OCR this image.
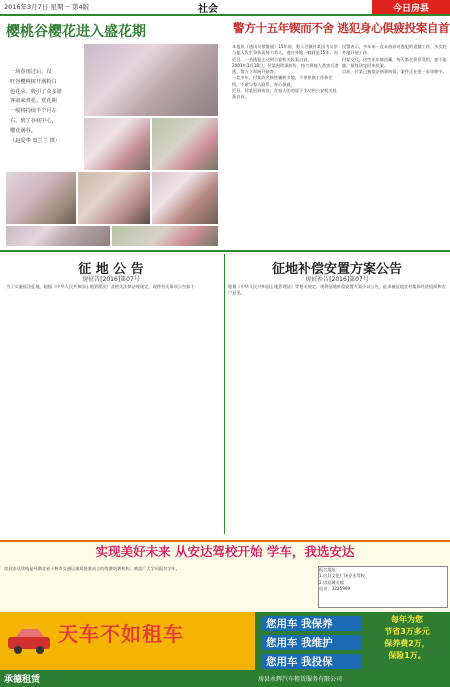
2016年3月7日 星期一 第4版	社会	今日房县
樱桃谷樱花进入盛花期

一场春雨过后，汉

旺谷樱桃树开满粉白

色花朵，吸引了众多游

客前来赏花。赏花期

一般将持续半个月左

右，到了谷底中心，

樱花满谷。

（赵爱华 田兰兰 摄）

警方十五年锲而不舍 逃犯身心俱疲投案自首

本报讯（通讯员徐俊丽）15年前，野人谷镇付某因为父亲与他人发生争执而持刀杀人，逃往外地一躲就是15年，而近日，一名逃犯主动到公安机关投案自首。

2001年1月18日，付某因琐事纠纷，持刀将他人杀害后潜逃，警方立即展开侦查。

一晃多年，付某改名换姓辗转多地，不停更换工作和住所，不敢与家人联系，身心俱疲。

近日，付某回到房县，在家人的劝说下主动到公安机关投案自首。

民警表示，多年来一直未放弃对逃犯的追捕工作，多次赴外地开展工作。

付某交代，这些年东躲西藏，每天都在担惊受怕，夜不能寐，最终决定回来投案。

目前，付某已被依法刑事拘留，案件正在进一步审理中。

征 地 公 告
房征告[2016]第07号

为了实施依法征地，根据《中华人民共和国土地管理法》及相关法律法规规定，现将有关事项公告如下：

征地补偿安置方案公告
房征补告[2016]第07号

根据《中华人民共和国土地管理法》等相关规定，现将征地补偿安置方案予以公告，征求被征地农村集体经济组织和农户意见。

实现美好未来 从安达驾校开始 学车，我选安达

房县安达驾校是经湖北省十堰市交通运输局批准成立的驾驶培训机构，欢迎广大学员报名学车。	报名地址：

1.房县文化广场安达驾校

2.房县城关镇

电话：3225999

天车不如租车
承德租赁
您用车 我保养
您用车 我维护
您用车 我投保
每年为您
节省3万多元
保养费2万，
保险1万。
房县永辉汽车租赁服务有限公司
